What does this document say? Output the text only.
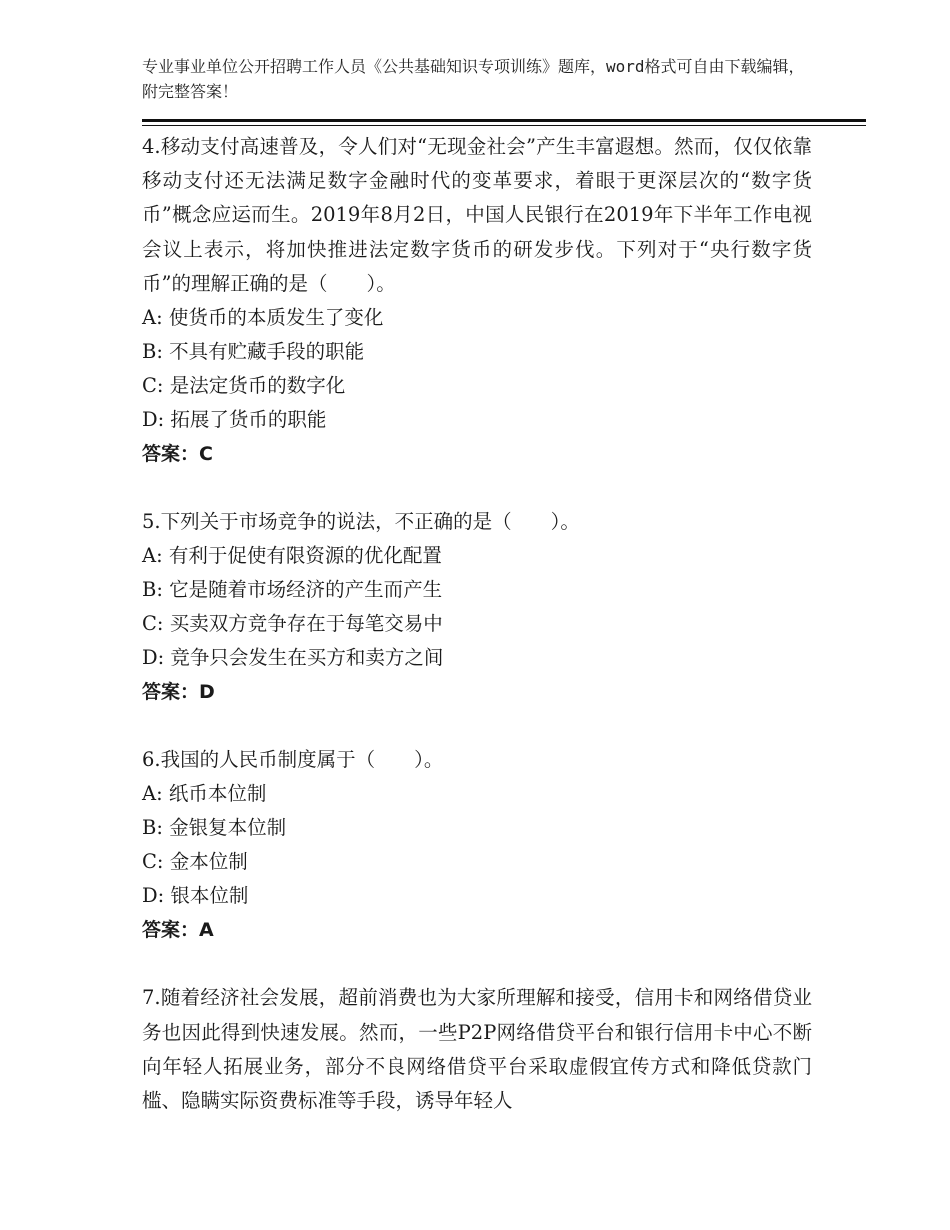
专业事业单位公开招聘工作人员《公共基础知识专项训练》题库，word格式可自由下载编辑，附完整答案！

4.移动支付高速普及，令人们对“无现金社会”产生丰富遐想。然而，仅仅依靠移动支付还无法满足数字金融时代的变革要求，着眼于更深层次的“数字货币”概念应运而生。2019年8月2日，中国人民银行在2019年下半年工作电视会议上表示，将加快推进法定数字货币的研发步伐。下列对于“央行数字货币”的理解正确的是（　　）。

A: 使货币的本质发生了变化

B: 不具有贮藏手段的职能

C: 是法定货币的数字化

D: 拓展了货币的职能

答案：C

5.下列关于市场竞争的说法，不正确的是（　　）。

A: 有利于促使有限资源的优化配置

B: 它是随着市场经济的产生而产生

C: 买卖双方竞争存在于每笔交易中

D: 竞争只会发生在买方和卖方之间

答案：D

6.我国的人民币制度属于（　　）。

A: 纸币本位制

B: 金银复本位制

C: 金本位制

D: 银本位制

答案：A

7.随着经济社会发展，超前消费也为大家所理解和接受，信用卡和网络借贷业务也因此得到快速发展。然而，一些P2P网络借贷平台和银行信用卡中心不断向年轻人拓展业务，部分不良网络借贷平台采取虚假宜传方式和降低贷款门槛、隐瞒实际资费标准等手段，诱导年轻人
